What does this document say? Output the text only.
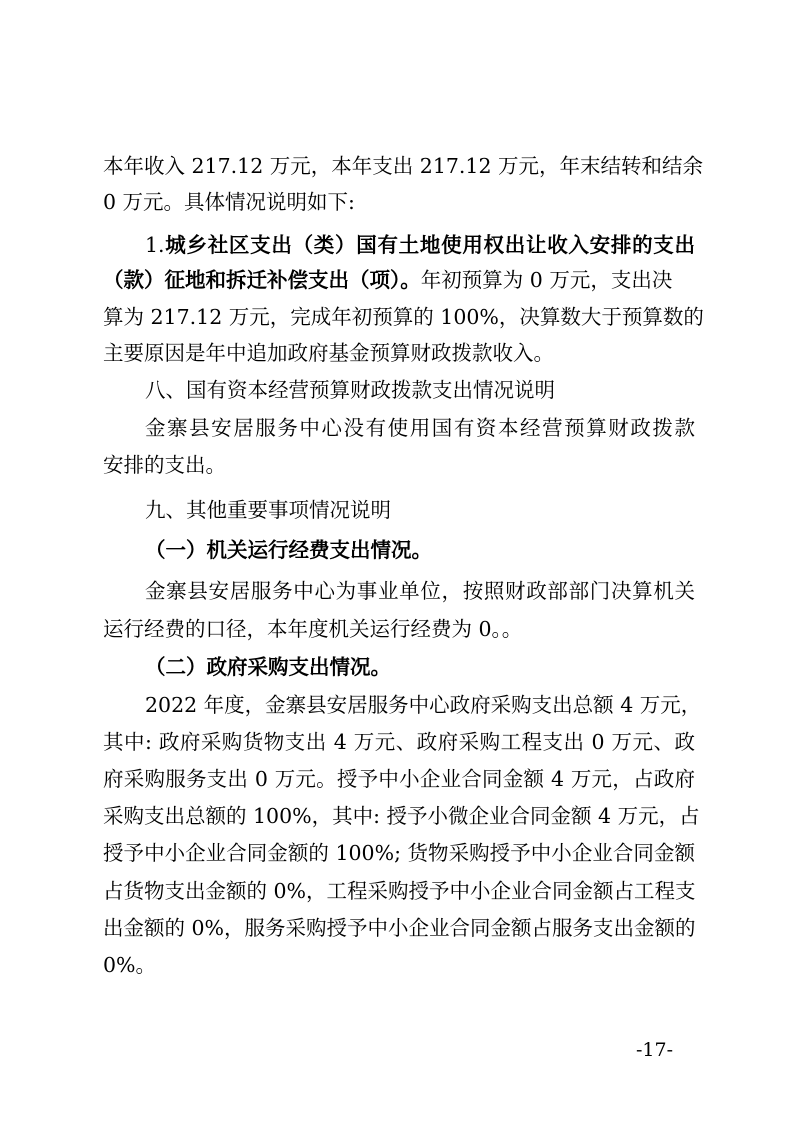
本年收入 217.12 万元，本年支出 217.12 万元，年末结转和结余
0 万元。具体情况说明如下:
1.城乡社区支出（类）国有土地使用权出让收入安排的支出
（款）征地和拆迁补偿支出（项）。年初预算为 0 万元，支出决
算为 217.12 万元，完成年初预算的 100%，决算数大于预算数的
主要原因是年中追加政府基金预算财政拨款收入。
八、国有资本经营预算财政拨款支出情况说明
金寨县安居服务中心没有使用国有资本经营预算财政拨款
安排的支出。
九、其他重要事项情况说明
（一）机关运行经费支出情况。
金寨县安居服务中心为事业单位，按照财政部部门决算机关
运行经费的口径，本年度机关运行经费为 0。。
（二）政府采购支出情况。
2022 年度，金寨县安居服务中心政府采购支出总额 4 万元，
其中: 政府采购货物支出 4 万元、政府采购工程支出 0 万元、政
府采购服务支出 0 万元。授予中小企业合同金额 4 万元，占政府
采购支出总额的 100%，其中: 授予小微企业合同金额 4 万元，占
授予中小企业合同金额的 100%; 货物采购授予中小企业合同金额
占货物支出金额的 0%，工程采购授予中小企业合同金额占工程支
出金额的 0%，服务采购授予中小企业合同金额占服务支出金额的
0%。
-17-
